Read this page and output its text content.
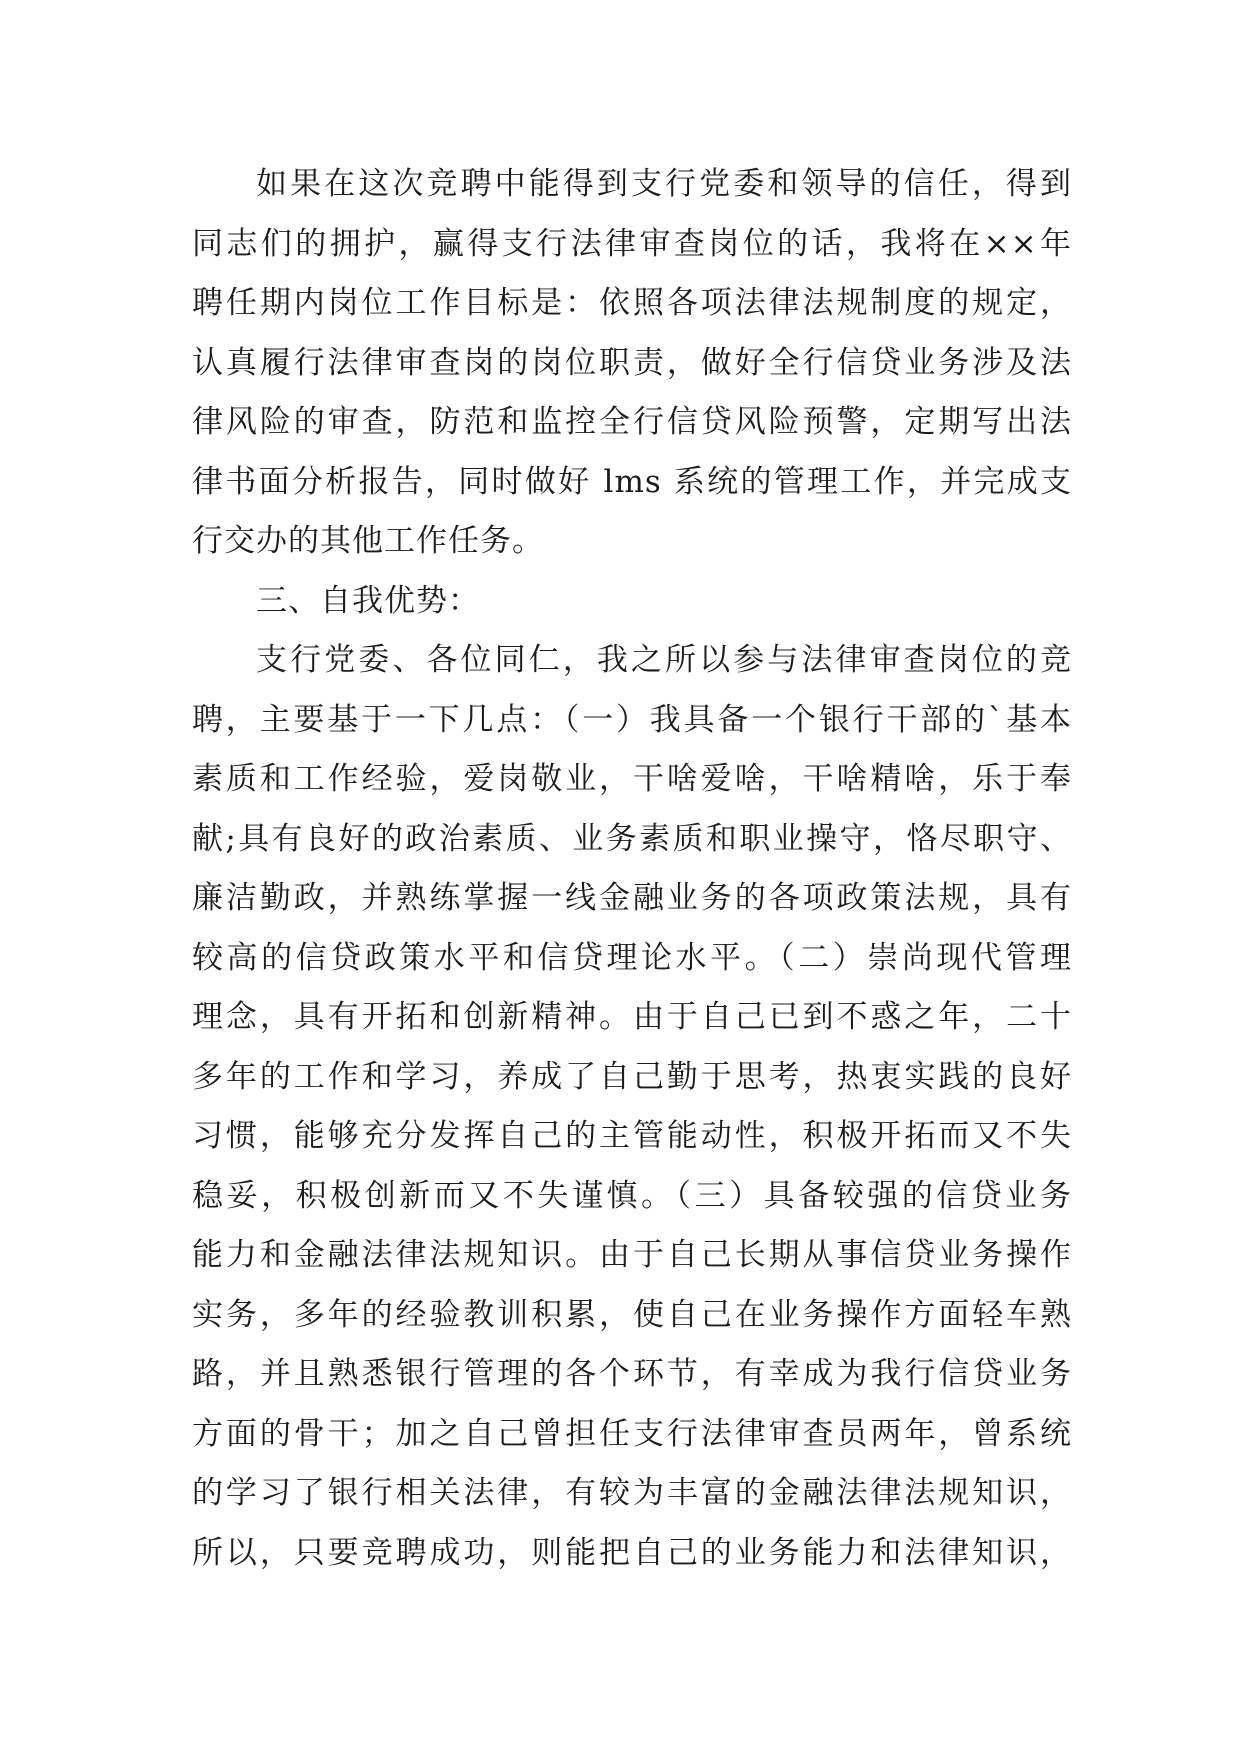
如果在这次竞聘中能得到支行党委和领导的信任，得到
同志们的拥护，赢得支行法律审查岗位的话，我将在××年
聘任期内岗位工作目标是：依照各项法律法规制度的规定，
认真履行法律审查岗的岗位职责，做好全行信贷业务涉及法
律风险的审查，防范和监控全行信贷风险预警，定期写出法
律书面分析报告，同时做好 lms 系统的管理工作，并完成支
行交办的其他工作任务。
三、自我优势：
支行党委、各位同仁，我之所以参与法律审查岗位的竞
聘，主要基于一下几点：（一）我具备一个银行干部的`基本
素质和工作经验，爱岗敬业，干啥爱啥，干啥精啥，乐于奉
献;具有良好的政治素质、业务素质和职业操守，恪尽职守、
廉洁勤政，并熟练掌握一线金融业务的各项政策法规，具有
较高的信贷政策水平和信贷理论水平。（二）崇尚现代管理
理念，具有开拓和创新精神。由于自己已到不惑之年，二十
多年的工作和学习，养成了自己勤于思考，热衷实践的良好
习惯，能够充分发挥自己的主管能动性，积极开拓而又不失
稳妥，积极创新而又不失谨慎。（三）具备较强的信贷业务
能力和金融法律法规知识。由于自己长期从事信贷业务操作
实务，多年的经验教训积累，使自己在业务操作方面轻车熟
路，并且熟悉银行管理的各个环节，有幸成为我行信贷业务
方面的骨干；加之自己曾担任支行法律审查员两年，曾系统
的学习了银行相关法律，有较为丰富的金融法律法规知识，
所以，只要竞聘成功，则能把自己的业务能力和法律知识，
